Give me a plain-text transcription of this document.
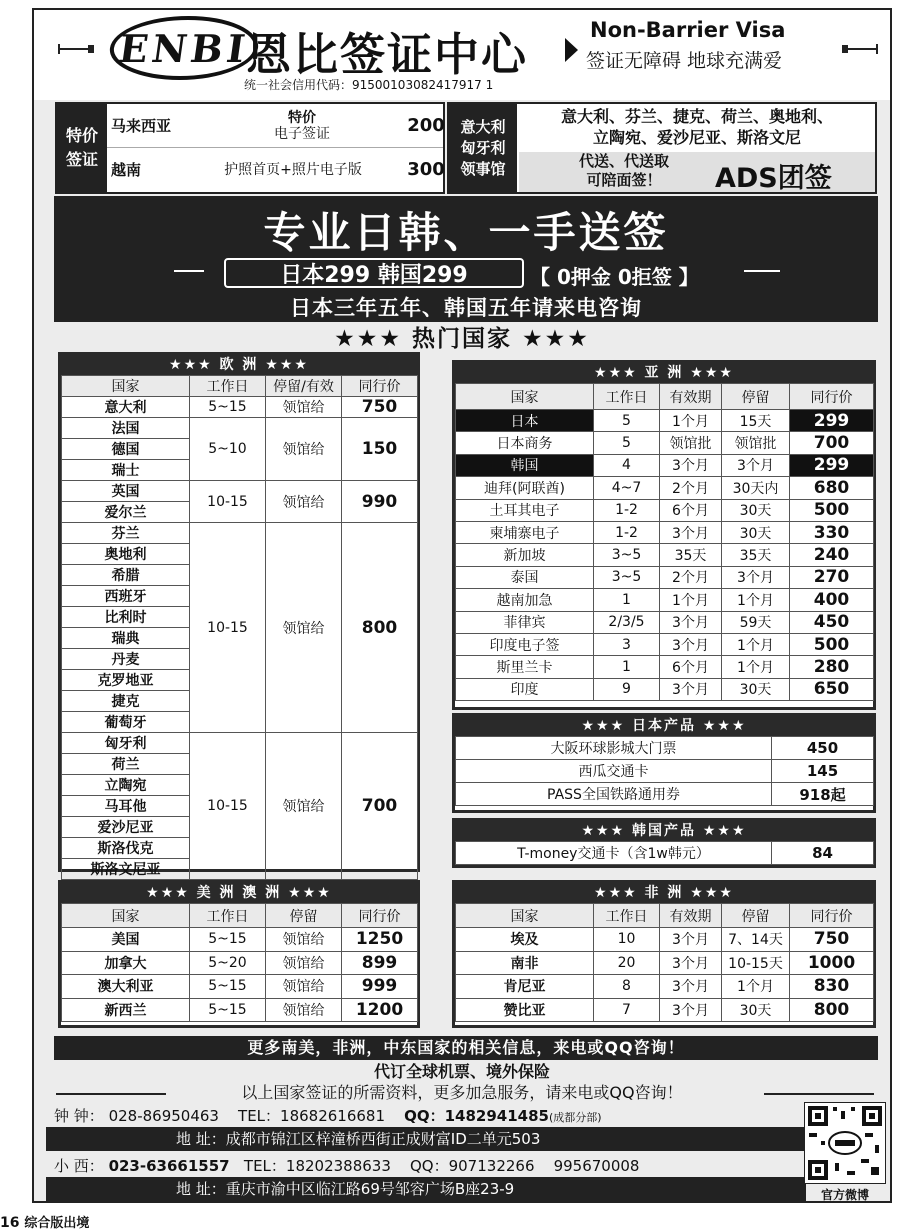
ENBI
恩比签证中心	Non-Barrier Visa
签证无障碍 地球充满爱
统一社会信用代码：91500103082417917 1
特价
签证
马来西亚	特价
电子签证	200
越南	护照首页+照片电子版	300
意大利
匈牙利
领事馆
意大利、芬兰、捷克、荷兰、奥地利、
立陶宛、爱沙尼亚、斯洛文尼
代送、代送取
可陪面签！	ADS团签
专业日韩、一手送签
日本299 韩国299	【 0押金 0拒签 】
日本三年五年、韩国五年请来电咨询
★★★ 热门国家 ★★★
★★★ 欧 洲 ★★★
国家	工作日	停留/有效	同行价
意大利	5~15	领馆给	750
法国	5~10	领馆给	150
德国			
瑞士			
英国	10-15	领馆给	990
爱尔兰			
芬兰	10-15	领馆给	800
奥地利			
希腊			
西班牙			
比利时			
瑞典			
丹麦			
克罗地亚			
捷克			
葡萄牙			
匈牙利	10-15	领馆给	700
荷兰			
立陶宛			
马耳他			
爱沙尼亚			
斯洛伐克			
斯洛文尼亚			
★★★ 亚 洲 ★★★
国家	工作日	有效期	停留	同行价
日本	5	1个月	15天	299
日本商务	5	领馆批	领馆批	700
韩国	4	3个月	3个月	299
迪拜(阿联酋)	4~7	2个月	30天内	680
土耳其电子	1-2	6个月	30天	500
柬埔寨电子	1-2	3个月	30天	330
新加坡	3~5	35天	35天	240
泰国	3~5	2个月	3个月	270
越南加急	1	1个月	1个月	400
菲律宾	2/3/5	3个月	59天	450
印度电子签	3	3个月	1个月	500
斯里兰卡	1	6个月	1个月	280
印度	9	3个月	30天	650
★★★ 日本产品 ★★★
大阪环球影城大门票	450
西瓜交通卡	145
PASS全国铁路通用券	918起
★★★ 韩国产品 ★★★
T-money交通卡（含1w韩元）	84
★★★ 美 洲 澳 洲 ★★★
国家	工作日	停留	同行价
美国	5~15	领馆给	1250
加拿大	5~20	领馆给	899
澳大利亚	5~15	领馆给	999
新西兰	5~15	领馆给	1200
★★★ 非 洲 ★★★
国家	工作日	有效期	停留	同行价
埃及	10	3个月	7、14天	750
南非	20	3个月	10-15天	1000
肯尼亚	8	3个月	1个月	830
赞比亚	7	3个月	30天	800
更多南美，非洲，中东国家的相关信息，来电或QQ咨询！
代订全球机票、境外保险
以上国家签证的所需资料，更多加急服务，请来电或QQ咨询！
钟 钟： 028-86950463 TEL：18682616681 QQ：1482941485(成都分部)
地 址：成都市锦江区梓潼桥西街正成财富ID二单元503
小 西： 023-63661557 TEL：18202388633 QQ：907132266 995670008
地 址：重庆市渝中区临江路69号邹容广场B座23-9	官方微博
16 综合版出境
